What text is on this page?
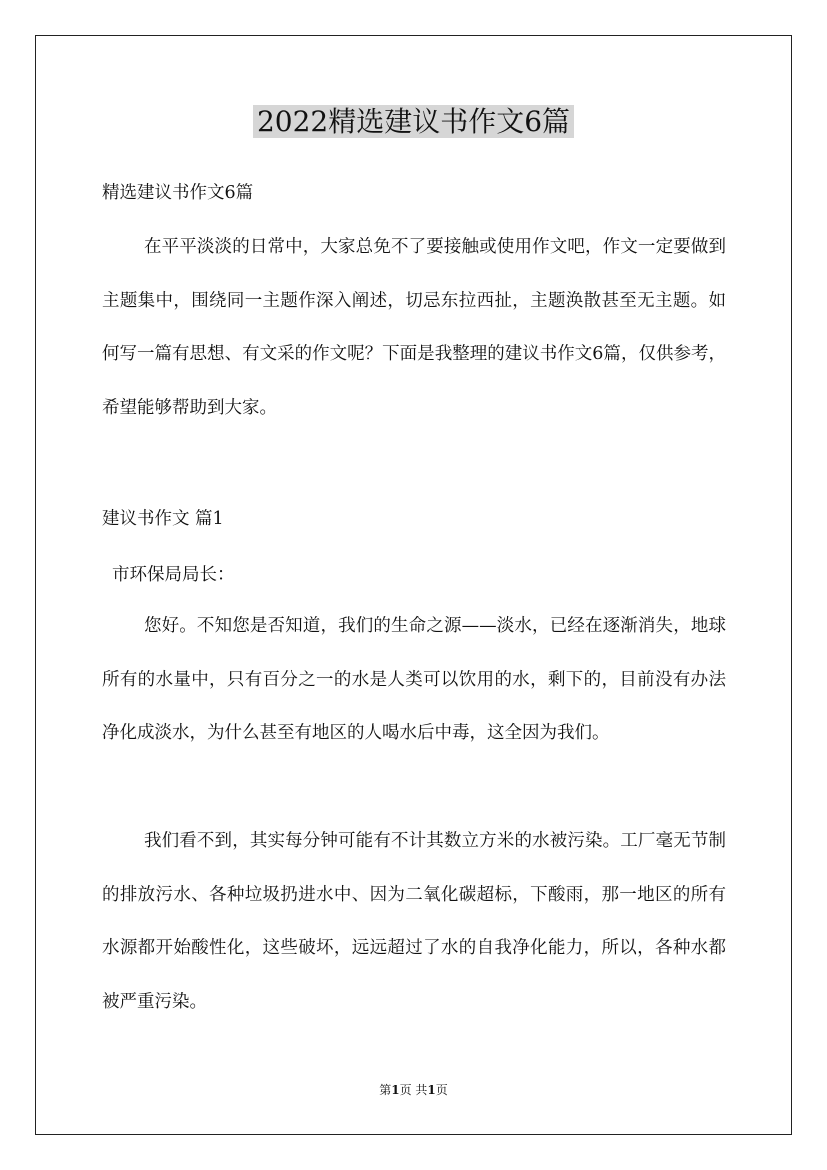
2022精选建议书作文6篇

精选建议书作文6篇

在平平淡淡的日常中，大家总免不了要接触或使用作文吧，作文一定要做到主题集中，围绕同一主题作深入阐述，切忌东拉西扯，主题涣散甚至无主题。如何写一篇有思想、有文采的作文呢？下面是我整理的建议书作文6篇，仅供参考，希望能够帮助到大家。

建议书作文 篇1

市环保局局长：

您好。不知您是否知道，我们的生命之源——淡水，已经在逐渐消失，地球所有的水量中，只有百分之一的水是人类可以饮用的水，剩下的，目前没有办法净化成淡水，为什么甚至有地区的人喝水后中毒，这全因为我们。

我们看不到，其实每分钟可能有不计其数立方米的水被污染。工厂毫无节制的排放污水、各种垃圾扔进水中、因为二氧化碳超标，下酸雨，那一地区的所有水源都开始酸性化，这些破坏，远远超过了水的自我净化能力，所以，各种水都被严重污染。

第1页 共1页
